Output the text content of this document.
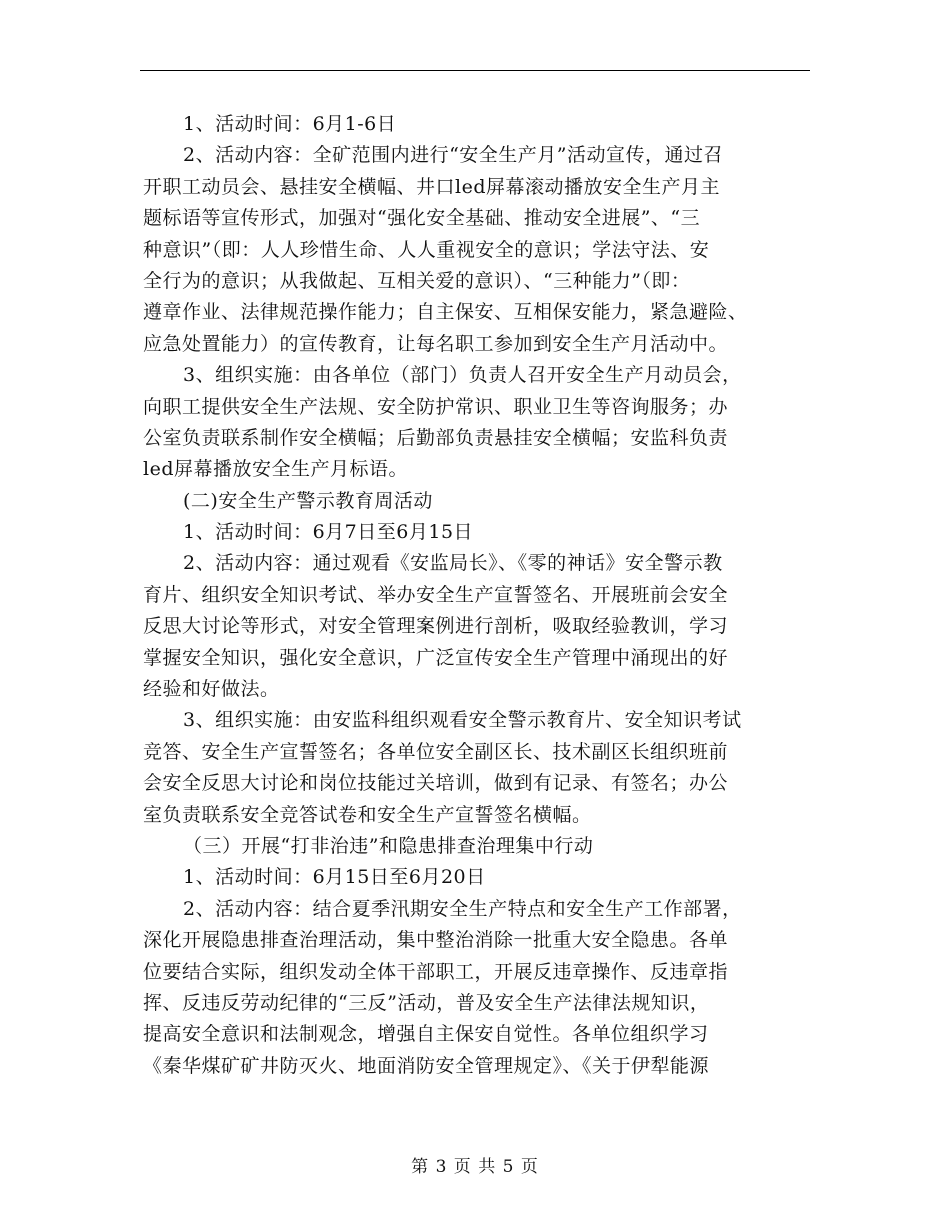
1、活动时间：6月1-6日
2、活动内容：全矿范围内进行“安全生产月”活动宣传，通过召
开职工动员会、悬挂安全横幅、井口led屏幕滚动播放安全生产月主
题标语等宣传形式，加强对“强化安全基础、推动安全进展”、“三
种意识”（即：人人珍惜生命、人人重视安全的意识；学法守法、安
全行为的意识；从我做起、互相关爱的意识）、“三种能力”（即：
遵章作业、法律规范操作能力；自主保安、互相保安能力，紧急避险、
应急处置能力）的宣传教育，让每名职工参加到安全生产月活动中。
3、组织实施：由各单位（部门）负责人召开安全生产月动员会，
向职工提供安全生产法规、安全防护常识、职业卫生等咨询服务；办
公室负责联系制作安全横幅；后勤部负责悬挂安全横幅；安监科负责
led屏幕播放安全生产月标语。
(二)安全生产警示教育周活动
1、活动时间：6月7日至6月15日
2、活动内容：通过观看《安监局长》、《零的神话》安全警示教
育片、组织安全知识考试、举办安全生产宣誓签名、开展班前会安全
反思大讨论等形式，对安全管理案例进行剖析，吸取经验教训，学习
掌握安全知识，强化安全意识，广泛宣传安全生产管理中涌现出的好
经验和好做法。
3、组织实施：由安监科组织观看安全警示教育片、安全知识考试
竞答、安全生产宣誓签名；各单位安全副区长、技术副区长组织班前
会安全反思大讨论和岗位技能过关培训，做到有记录、有签名；办公
室负责联系安全竞答试卷和安全生产宣誓签名横幅。
（三）开展“打非治违”和隐患排查治理集中行动
1、活动时间：6月15日至6月20日
2、活动内容：结合夏季汛期安全生产特点和安全生产工作部署，
深化开展隐患排查治理活动，集中整治消除一批重大安全隐患。各单
位要结合实际，组织发动全体干部职工，开展反违章操作、反违章指
挥、反违反劳动纪律的“三反”活动，普及安全生产法律法规知识，
提高安全意识和法制观念，增强自主保安自觉性。各单位组织学习
《秦华煤矿矿井防灭火、地面消防安全管理规定》、《关于伊犁能源
第 3 页 共 5 页
